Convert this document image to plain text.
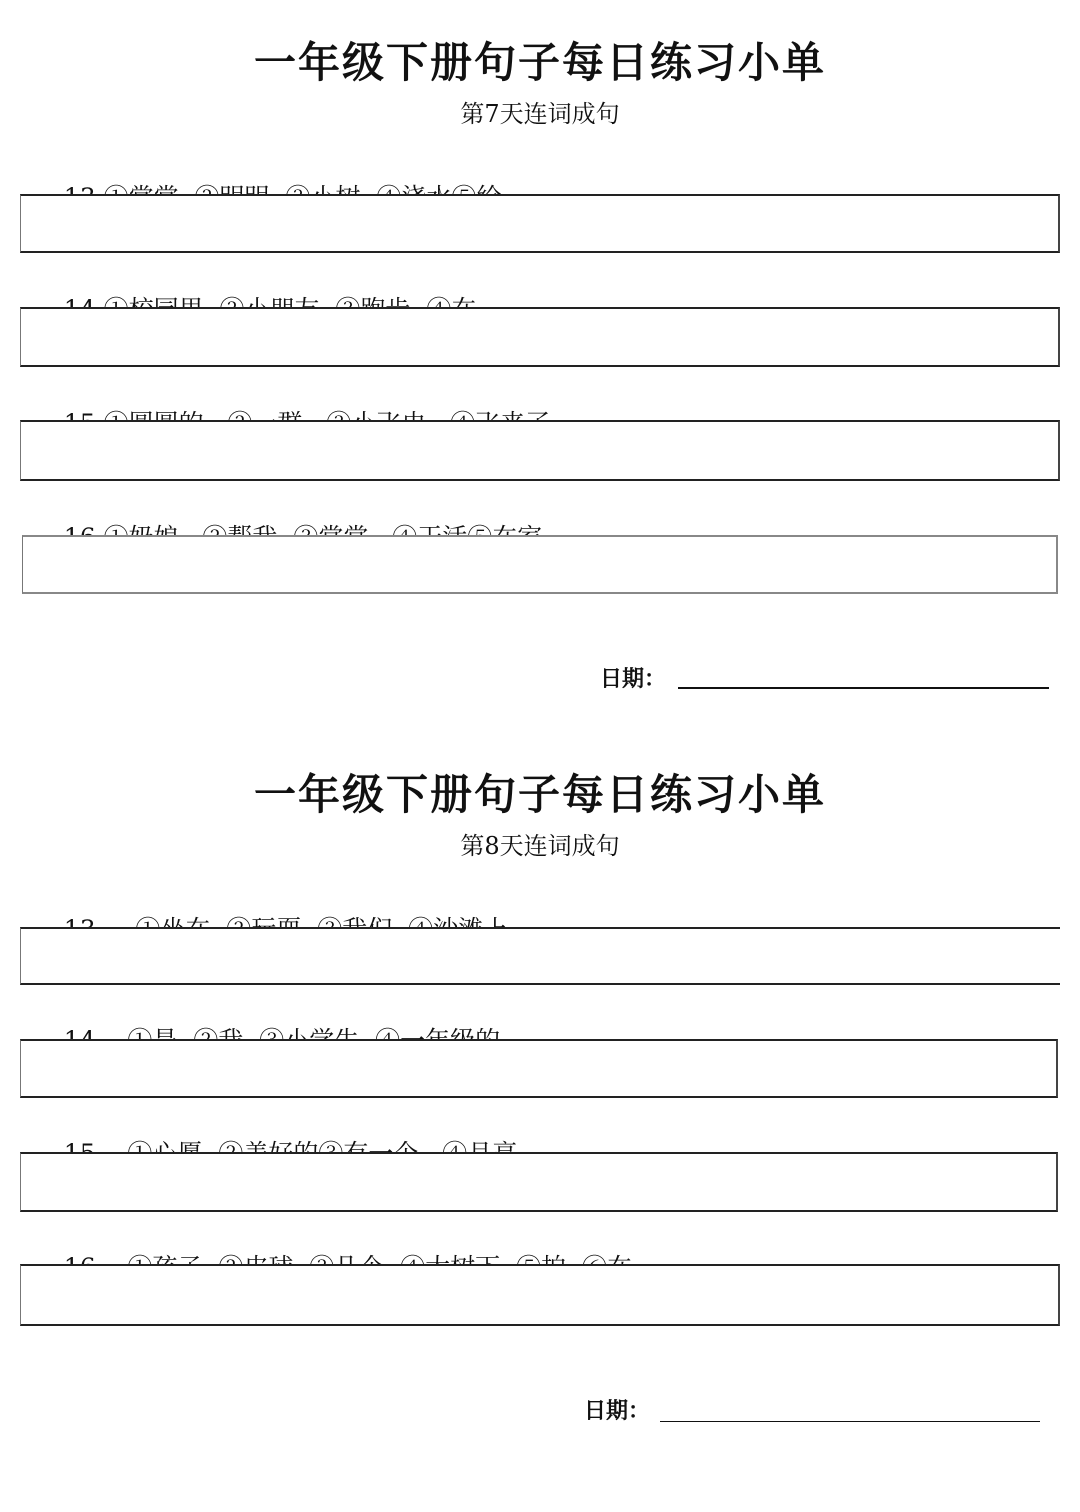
一年级下册句子每日练习小单
第7天连词成句

日期：
一年级下册句子每日练习小单
第8天连词成句

日期：
